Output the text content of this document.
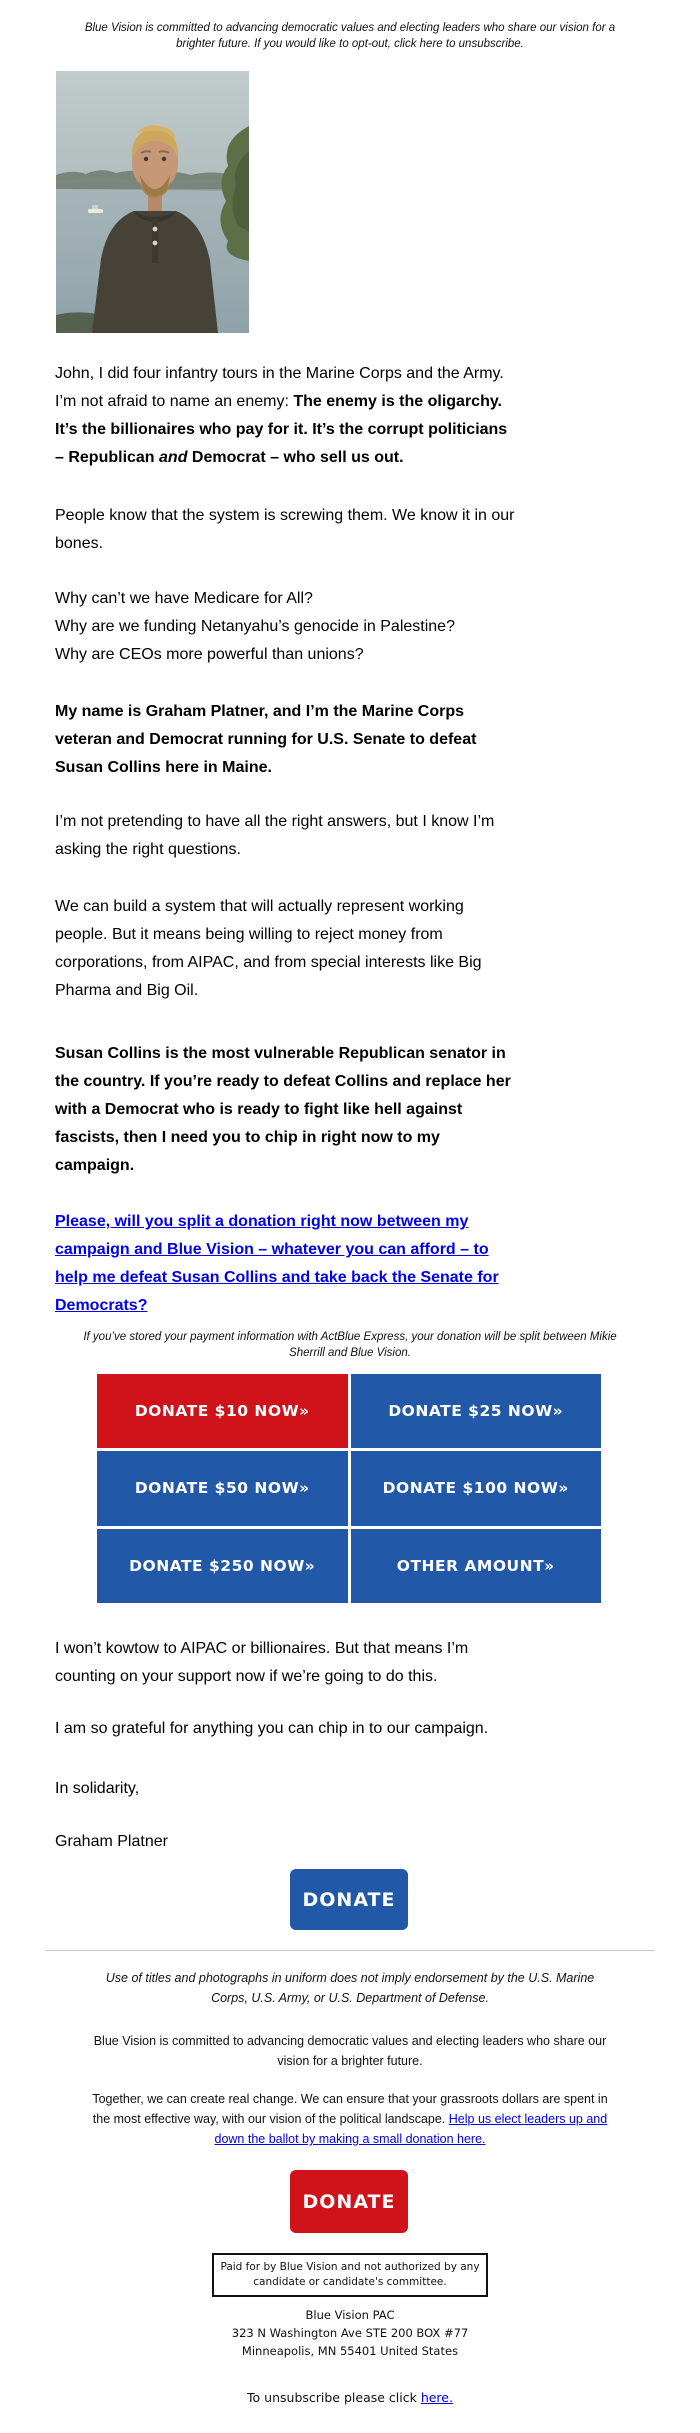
Blue Vision is committed to advancing democratic values and electing leaders who share our vision for a
brighter future. If you would like to opt-out, click here to unsubscribe.
John, I did four infantry tours in the Marine Corps and the Army.
I’m not afraid to name an enemy: The enemy is the oligarchy.
It’s the billionaires who pay for it. It’s the corrupt politicians
– Republican and Democrat – who sell us out.
People know that the system is screwing them. We know it in our
bones.
Why can’t we have Medicare for All?
Why are we funding Netanyahu’s genocide in Palestine?
Why are CEOs more powerful than unions?
My name is Graham Platner, and I’m the Marine Corps
veteran and Democrat running for U.S. Senate to defeat
Susan Collins here in Maine.
I’m not pretending to have all the right answers, but I know I’m
asking the right questions.
We can build a system that will actually represent working
people. But it means being willing to reject money from
corporations, from AIPAC, and from special interests like Big
Pharma and Big Oil.
Susan Collins is the most vulnerable Republican senator in
the country. If you’re ready to defeat Collins and replace her
with a Democrat who is ready to fight like hell against
fascists, then I need you to chip in right now to my
campaign.
Please, will you split a donation right now between my
campaign and Blue Vision – whatever you can afford – to
help me defeat Susan Collins and take back the Senate for
Democrats?
If you’ve stored your payment information with ActBlue Express, your donation will be split between Mikie
Sherrill and Blue Vision.
DONATE $10 NOW»	DONATE $25 NOW»
DONATE $50 NOW»	DONATE $100 NOW»
DONATE $250 NOW»	OTHER AMOUNT»
I won’t kowtow to AIPAC or billionaires. But that means I’m
counting on your support now if we’re going to do this.
I am so grateful for anything you can chip in to our campaign.
In solidarity,
Graham Platner
DONATE
Use of titles and photographs in uniform does not imply endorsement by the U.S. Marine
Corps, U.S. Army, or U.S. Department of Defense.
Blue Vision is committed to advancing democratic values and electing leaders who share our
vision for a brighter future.
Together, we can create real change. We can ensure that your grassroots dollars are spent in
the most effective way, with our vision of the political landscape. Help us elect leaders up and
down the ballot by making a small donation here.
DONATE
Paid for by Blue Vision and not authorized by any
candidate or candidate's committee.
Blue Vision PAC
323 N Washington Ave STE 200 BOX #77
Minneapolis, MN 55401 United States
To unsubscribe please click here.
